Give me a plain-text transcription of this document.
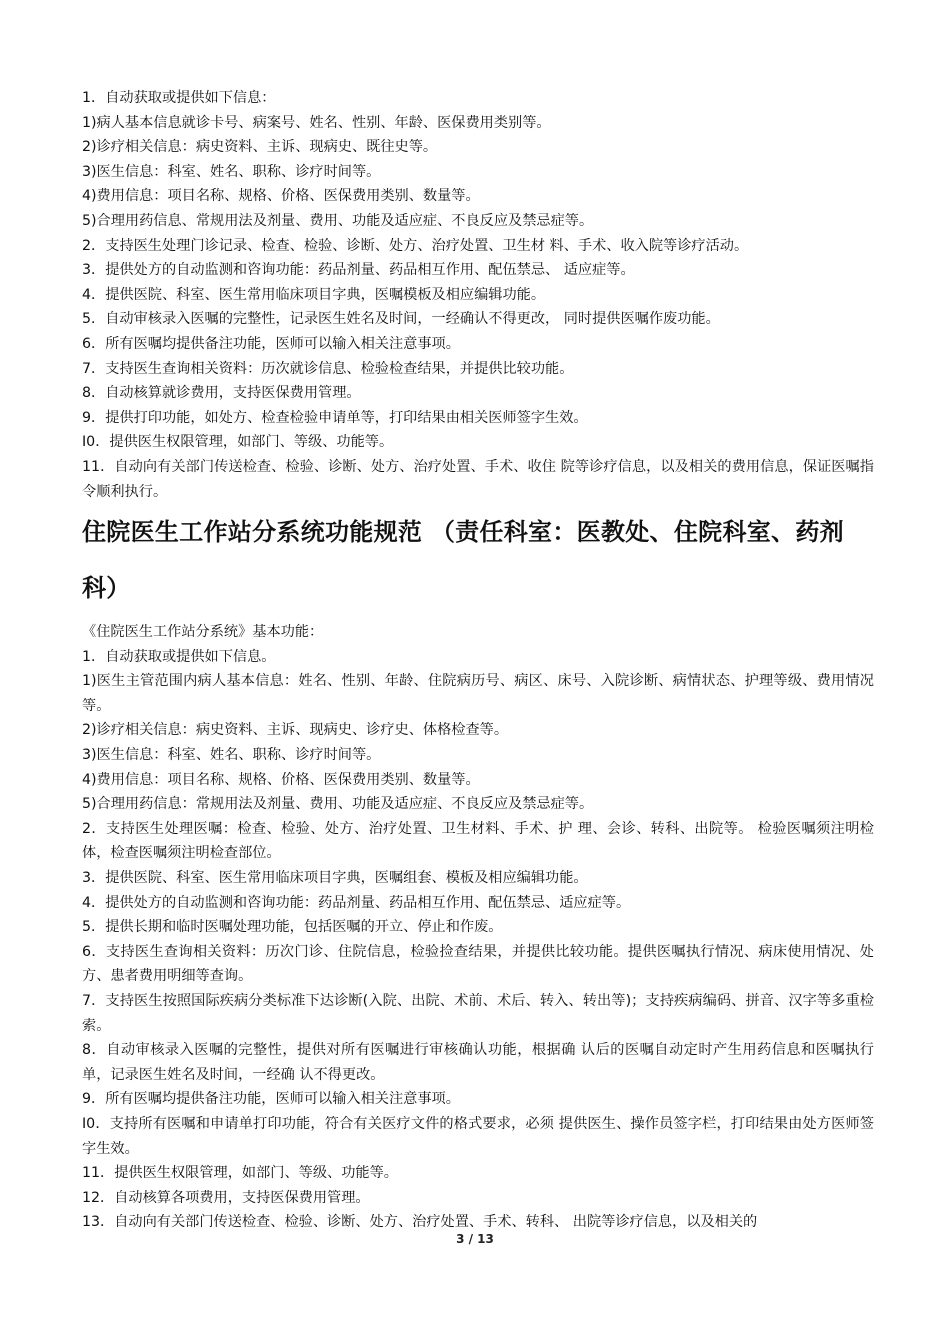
1．自动获取或提供如下信息：
1)病人基本信息就诊卡号、病案号、姓名、性别、年龄、医保费用类别等。
2)诊疗相关信息：病史资料、主诉、现病史、既往史等。
3)医生信息：科室、姓名、职称、诊疗时间等。
4)费用信息：项目名称、规格、价格、医保费用类别、数量等。
5)合理用药信息、常规用法及剂量、费用、功能及适应症、不良反应及禁忌症等。
2．支持医生处理门诊记录、检查、检验、诊断、处方、治疗处置、卫生材 料、手术、收入院等诊疗活动。
3．提供处方的自动监测和咨询功能：药品剂量、药品相互作用、配伍禁忌、 适应症等。
4．提供医院、科室、医生常用临床项目字典，医嘱模板及相应编辑功能。
5．自动审核录入医嘱的完整性，记录医生姓名及时间，一经确认不得更改， 同时提供医嘱作废功能。
6．所有医嘱均提供备注功能，医师可以输入相关注意事项。
7．支持医生查询相关资料：历次就诊信息、检验检查结果，并提供比较功能。
8．自动核算就诊费用，支持医保费用管理。
9．提供打印功能，如处方、检查检验申请单等，打印结果由相关医师签字生效。
I0．提供医生权限管理，如部门、等级、功能等。
11．自动向有关部门传送检查、检验、诊断、处方、治疗处置、手术、收住 院等诊疗信息，以及相关的费用信息，保证医嘱指令顺利执行。
住院医生工作站分系统功能规范 （责任科室：医教处、住院科室、药剂科）
《住院医生工作站分系统》基本功能：
1．自动获取或提供如下信息。
1)医生主管范围内病人基本信息：姓名、性别、年龄、住院病历号、病区、床号、入院诊断、病情状态、护理等级、费用情况等。
2)诊疗相关信息：病史资料、主诉、现病史、诊疗史、体格检查等。
3)医生信息：科室、姓名、职称、诊疗时间等。
4)费用信息：项目名称、规格、价格、医保费用类别、数量等。
5)合理用药信息：常规用法及剂量、费用、功能及适应症、不良反应及禁忌症等。
2．支持医生处理医嘱：检查、检验、处方、治疗处置、卫生材料、手术、护 理、会诊、转科、出院等。 检验医嘱须注明检体，检查医嘱须注明检查部位。
3．提供医院、科室、医生常用临床项目字典，医嘱组套、模板及相应编辑功能。
4．提供处方的自动监测和咨询功能：药品剂量、药品相互作用、配伍禁忌、适应症等。
5．提供长期和临时医嘱处理功能，包括医嘱的开立、停止和作废。
6．支持医生查询相关资料：历次门诊、住院信息，检验捡查结果，并提供比较功能。提供医嘱执行情况、病床使用情况、处方、患者费用明细等查询。
7．支持医生按照国际疾病分类标准下达诊断(入院、出院、术前、术后、转入、转出等)；支持疾病编码、拼音、汉字等多重检索。
8．自动审核录入医嘱的完整性，提供对所有医嘱进行审核确认功能，根据确 认后的医嘱自动定时产生用药信息和医嘱执行单，记录医生姓名及时间，一经确 认不得更改。
9．所有医嘱均提供备注功能，医师可以输入相关注意事项。
I0．支持所有医嘱和申请单打印功能，符合有关医疗文件的格式要求，必须 提供医生、操作员签字栏，打印结果由处方医师签字生效。
11．提供医生权限管理，如部门、等级、功能等。
12．自动核算各项费用，支持医保费用管理。
13．自动向有关部门传送检查、检验、诊断、处方、治疗处置、手术、转科、 出院等诊疗信息，以及相关的
3 / 13
